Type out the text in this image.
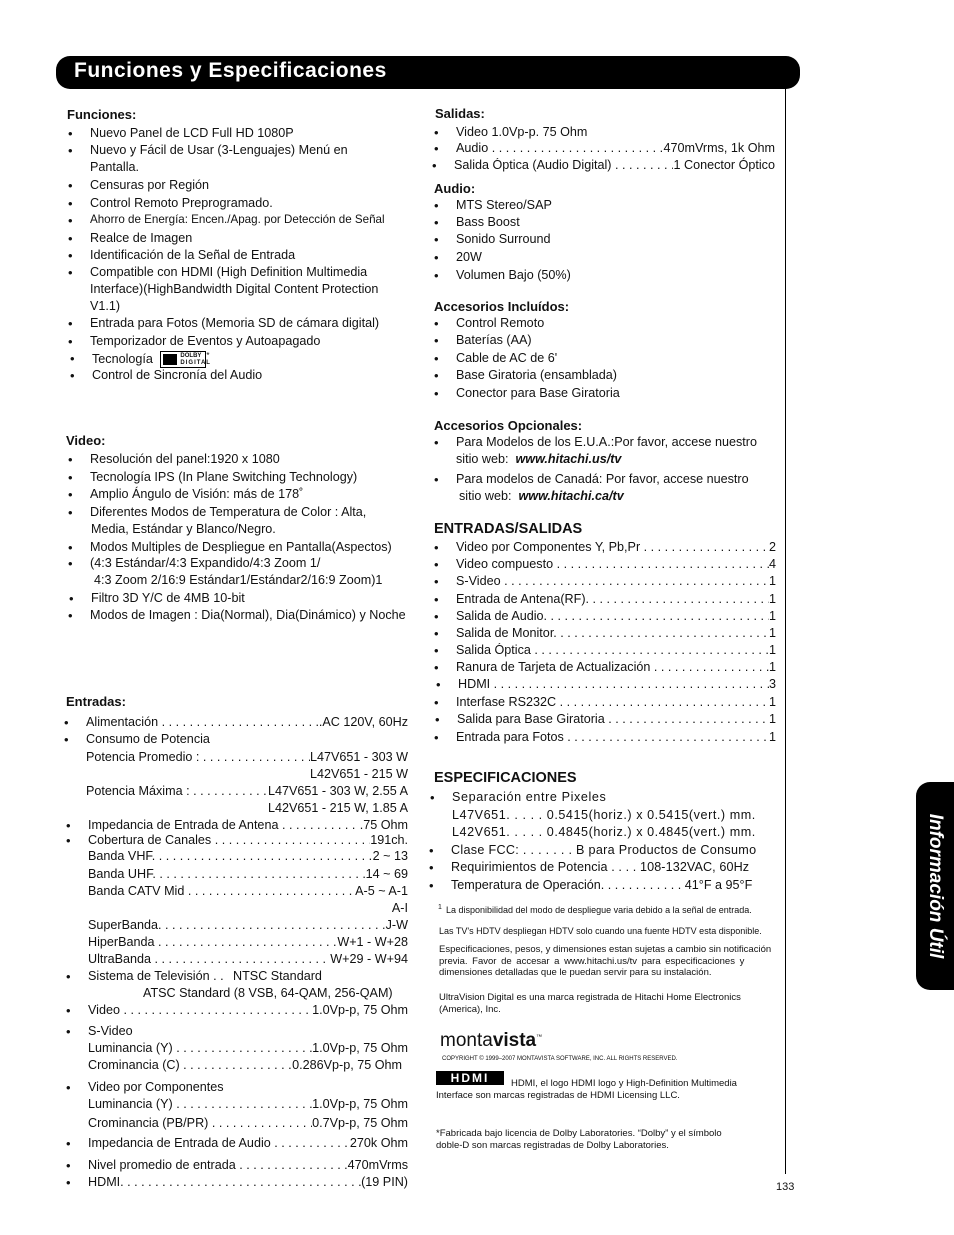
Funciones y Especificaciones
Información Útil
133
Funciones:
• Nuevo Panel de LCD Full HD 1080P
• Nuevo y Fácil de Usar (3-Lenguajes) Menú en
Pantalla.
• Censuras por Región
• Control Remoto Preprogramado.
• Ahorro de Energía: Encen./Apag. por Detección de Señal
• Realce de Imagen
• Identificación de la Señal de Entrada
• Compatible con HDMI (High Definition Multimedia
Interface)(HighBandwidth Digital Content Protection
V1.1)
• Entrada para Fotos (Memoria SD de cámara digital)
• Temporizador de Eventos y Autoapagado
• Tecnología	DOLBY
DIGITAL
*
• Control de Sincronía del Audio
Video:
• Resolución del panel:1920 x 1080
• Tecnología IPS (In Plane Switching Technology)
• Amplio Ángulo de Visión: más de 178˚
• Diferentes Modos de Temperatura de Color : Alta,
Media, Estándar y Blanco/Negro.
• Modos Multiples de Despliegue en Pantalla(Aspectos)
• (4:3 Estándar/4:3 Expandido/4:3 Zoom 1/
4:3 Zoom 2/16:9 Estándar1/Estándar2/16:9 Zoom)1
• Filtro 3D Y/C de 4MB 10-bit
• Modos de Imagen : Dia(Normal), Dia(Dinámico) y Noche
Entradas:
• Alimentación . . .	.AC 120V, 60Hz
• Consumo de Potencia
Potencia Promedio : . . .	L47V651 - 303 W
L42V651 - 215 W
Potencia Máxima : . . .	L47V651 - 303 W, 2.55 A
L42V651 - 215 W, 1.85 A
• Impedancia de Entrada de Antena . . .	.75 Ohm
• Cobertura de Canales . . .	191ch.
Banda VHF. . . .	2 ~ 13
Banda UHF. . . .	14 ~ 69
Banda CATV Mid . . .	A-5 ~ A-1
A-I
SuperBanda. . . .	J-W
HiperBanda . . .	W+1 - W+28
UltraBanda . . .	W+29 - W+94
• Sistema de Televisión . . .	NTSC Standard
ATSC Standard (8 VSB, 64-QAM, 256-QAM)
• Video . . .	1.0Vp-p, 75 Ohm
• S-Video
Luminancia (Y) . . .	1.0Vp-p, 75 Ohm
Crominancia (C) . . .	0.286Vp-p, 75 Ohm
• Video por Componentes
Luminancia (Y) . . .	1.0Vp-p, 75 Ohm
Crominancia (PB/PR) . . .	0.7Vp-p, 75 Ohm
• Impedancia de Entrada de Audio . . .	270k Ohm
• Nivel promedio de entrada . . .	470mVrms
• HDMI. . . .	(19 PIN)
Salidas:
• Video 1.0Vp-p. 75 Ohm
• Audio . . .	470mVrms, 1k Ohm
• Salida Óptica (Audio Digital) . . .	1 Conector Óptico
Audio:
• MTS Stereo/SAP
• Bass Boost
• Sonido Surround
• 20W
• Volumen Bajo (50%)
Accesorios Incluídos:
• Control Remoto
• Baterías (AA)
• Cable de AC de 6'
• Base Giratoria (ensamblada)
• Conector para Base Giratoria
Accesorios Opcionales:
• Para Modelos de los E.U.A.:Por favor, accese nuestro
sitio web: www.hitachi.us/tv
• Para modelos de Canadá: Por favor, accese nuestro
sitio web: www.hitachi.ca/tv
ENTRADAS/SALIDAS
• Video por Componentes Y, Pb,Pr . . .	2
• Video compuesto . . .	4
• S-Video . . .	1
• Entrada de Antena(RF). . . .	1
• Salida de Audio. . . .	1
• Salida de Monitor. . . .	1
• Salida Óptica . . .	1
• Ranura de Tarjeta de Actualización . . .	1
• HDMI . . .	3
• Interfase RS232C . . .	1
• Salida para Base Giratoria . . .	1
• Entrada para Fotos . . .	1
ESPECIFICACIONES
• Separación entre Pixeles
L47V651. . . . . 0.5415(horiz.) x 0.5415(vert.) mm.
L42V651. . . . . 0.4845(horiz.) x 0.4845(vert.) mm.
• Clase FCC: . . . . . . . B para Productos de Consumo
• Requirimientos de Potencia . . . . 108-132VAC, 60Hz
• Temperatura de Operación. . . . . . . . . . . . 41°F a 95°F
1 La disponibilidad del modo de despliegue varia debido a la señal de entrada.
Las TV's HDTV despliegan HDTV solo cuando una fuente HDTV esta disponible.
Especificaciones, pesos, y dimensiones estan sujetas a cambio sin notificación
previa. Favor de accesar a www.hitachi.us/tv para especificaciones y
dimensiones detalladas que le puedan servir para su instalación.
UltraVision Digital es una marca registrada de Hitachi Home Electronics
(America), Inc.
montavista™
COPYRIGHT © 1999–2007 MONTAVISTA SOFTWARE, INC. ALL RIGHTS RESERVED.
HDMI	HDMI, el logo HDMI logo y High-Definition Multimedia
Interface son marcas registradas de HDMI Licensing LLC.
*Fabricada bajo licencia de Dolby Laboratories. “Dolby” y el símbolo
doble-D son marcas registradas de Dolby Laboratories.
